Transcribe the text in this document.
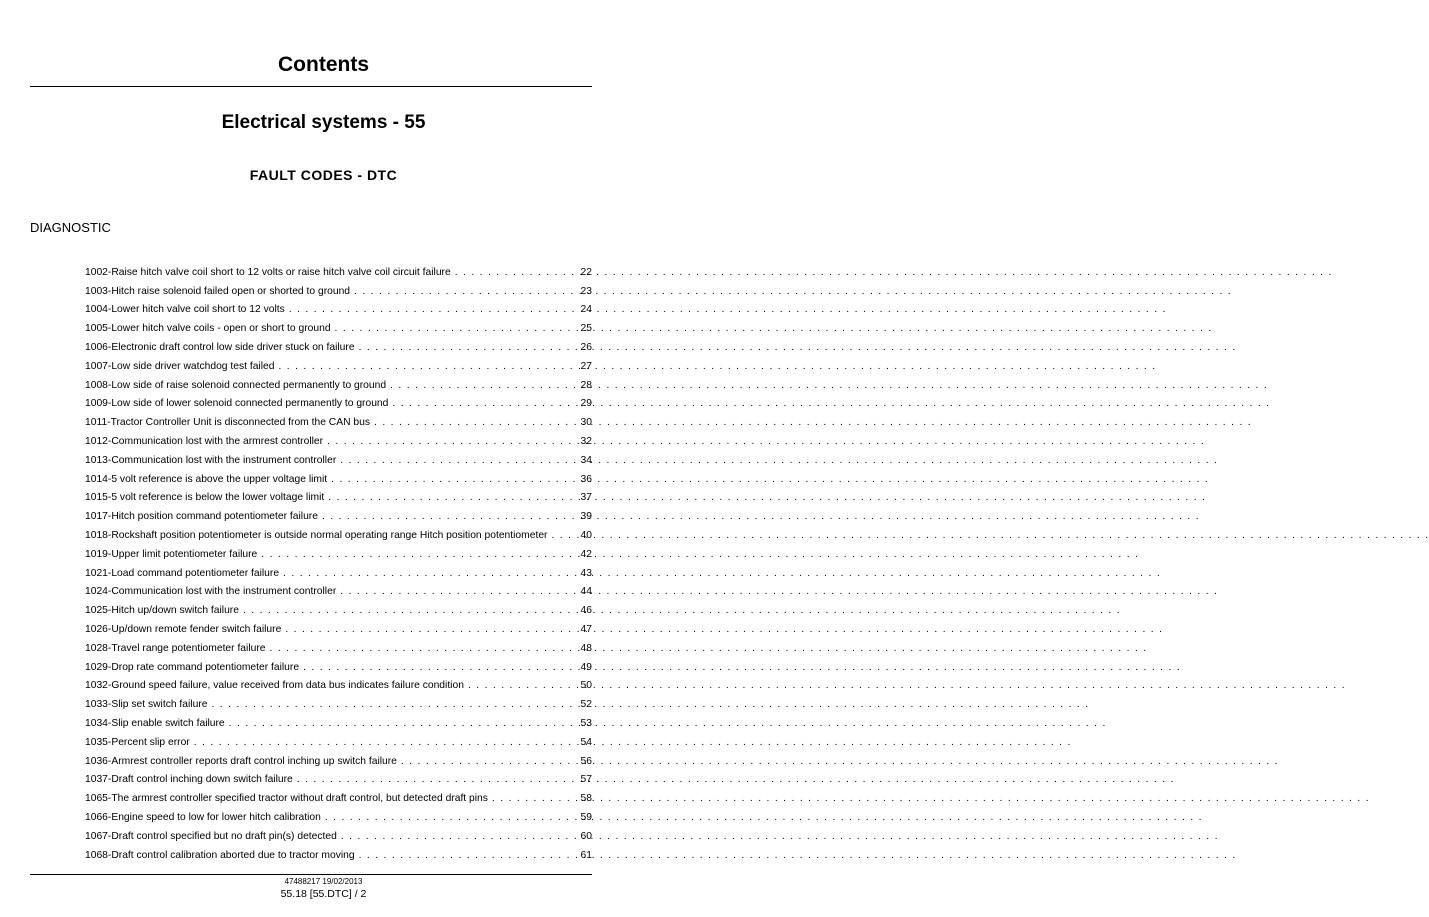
Contents
Electrical systems - 55
FAULT CODES - DTC
DIAGNOSTIC
1002-Raise hitch valve coil short to 12 volts or raise hitch valve coil circuit failure . . .	22
1003-Hitch raise solenoid failed open or shorted to ground . . .	23
1004-Lower hitch valve coil short to 12 volts . . .	24
1005-Lower hitch valve coils - open or short to ground . . .	25
1006-Electronic draft control low side driver stuck on failure . . .	26
1007-Low side driver watchdog test failed . . .	27
1008-Low side of raise solenoid connected permanently to ground . . .	28
1009-Low side of lower solenoid connected permanently to ground . . .	29
1011-Tractor Controller Unit is disconnected from the CAN bus . . .	30
1012-Communication lost with the armrest controller . . .	32
1013-Communication lost with the instrument controller . . .	34
1014-5 volt reference is above the upper voltage limit . . .	36
1015-5 volt reference is below the lower voltage limit . . .	37
1017-Hitch position command potentiometer failure . . .	39
1018-Rockshaft position potentiometer is outside normal operating range Hitch position potentiometer . . .	40
1019-Upper limit potentiometer failure . . .	42
1021-Load command potentiometer failure . . .	43
1024-Communication lost with the instrument controller . . .	44
1025-Hitch up/down switch failure . . .	46
1026-Up/down remote fender switch failure . . .	47
1028-Travel range potentiometer failure . . .	48
1029-Drop rate command potentiometer failure . . .	49
1032-Ground speed failure, value received from data bus indicates failure condition . . .	50
1033-Slip set switch failure . . .	52
1034-Slip enable switch failure . . .	53
1035-Percent slip error . . .	54
1036-Armrest controller reports draft control inching up switch failure . . .	56
1037-Draft control inching down switch failure . . .	57
1065-The armrest controller specified tractor without draft control, but detected draft pins . . .	58
1066-Engine speed to low for lower hitch calibration . . .	59
1067-Draft control specified but no draft pin(s) detected . . .	60
1068-Draft control calibration aborted due to tractor moving . . .	61
47488217 19/02/2013
55.18 [55.DTC] / 2
